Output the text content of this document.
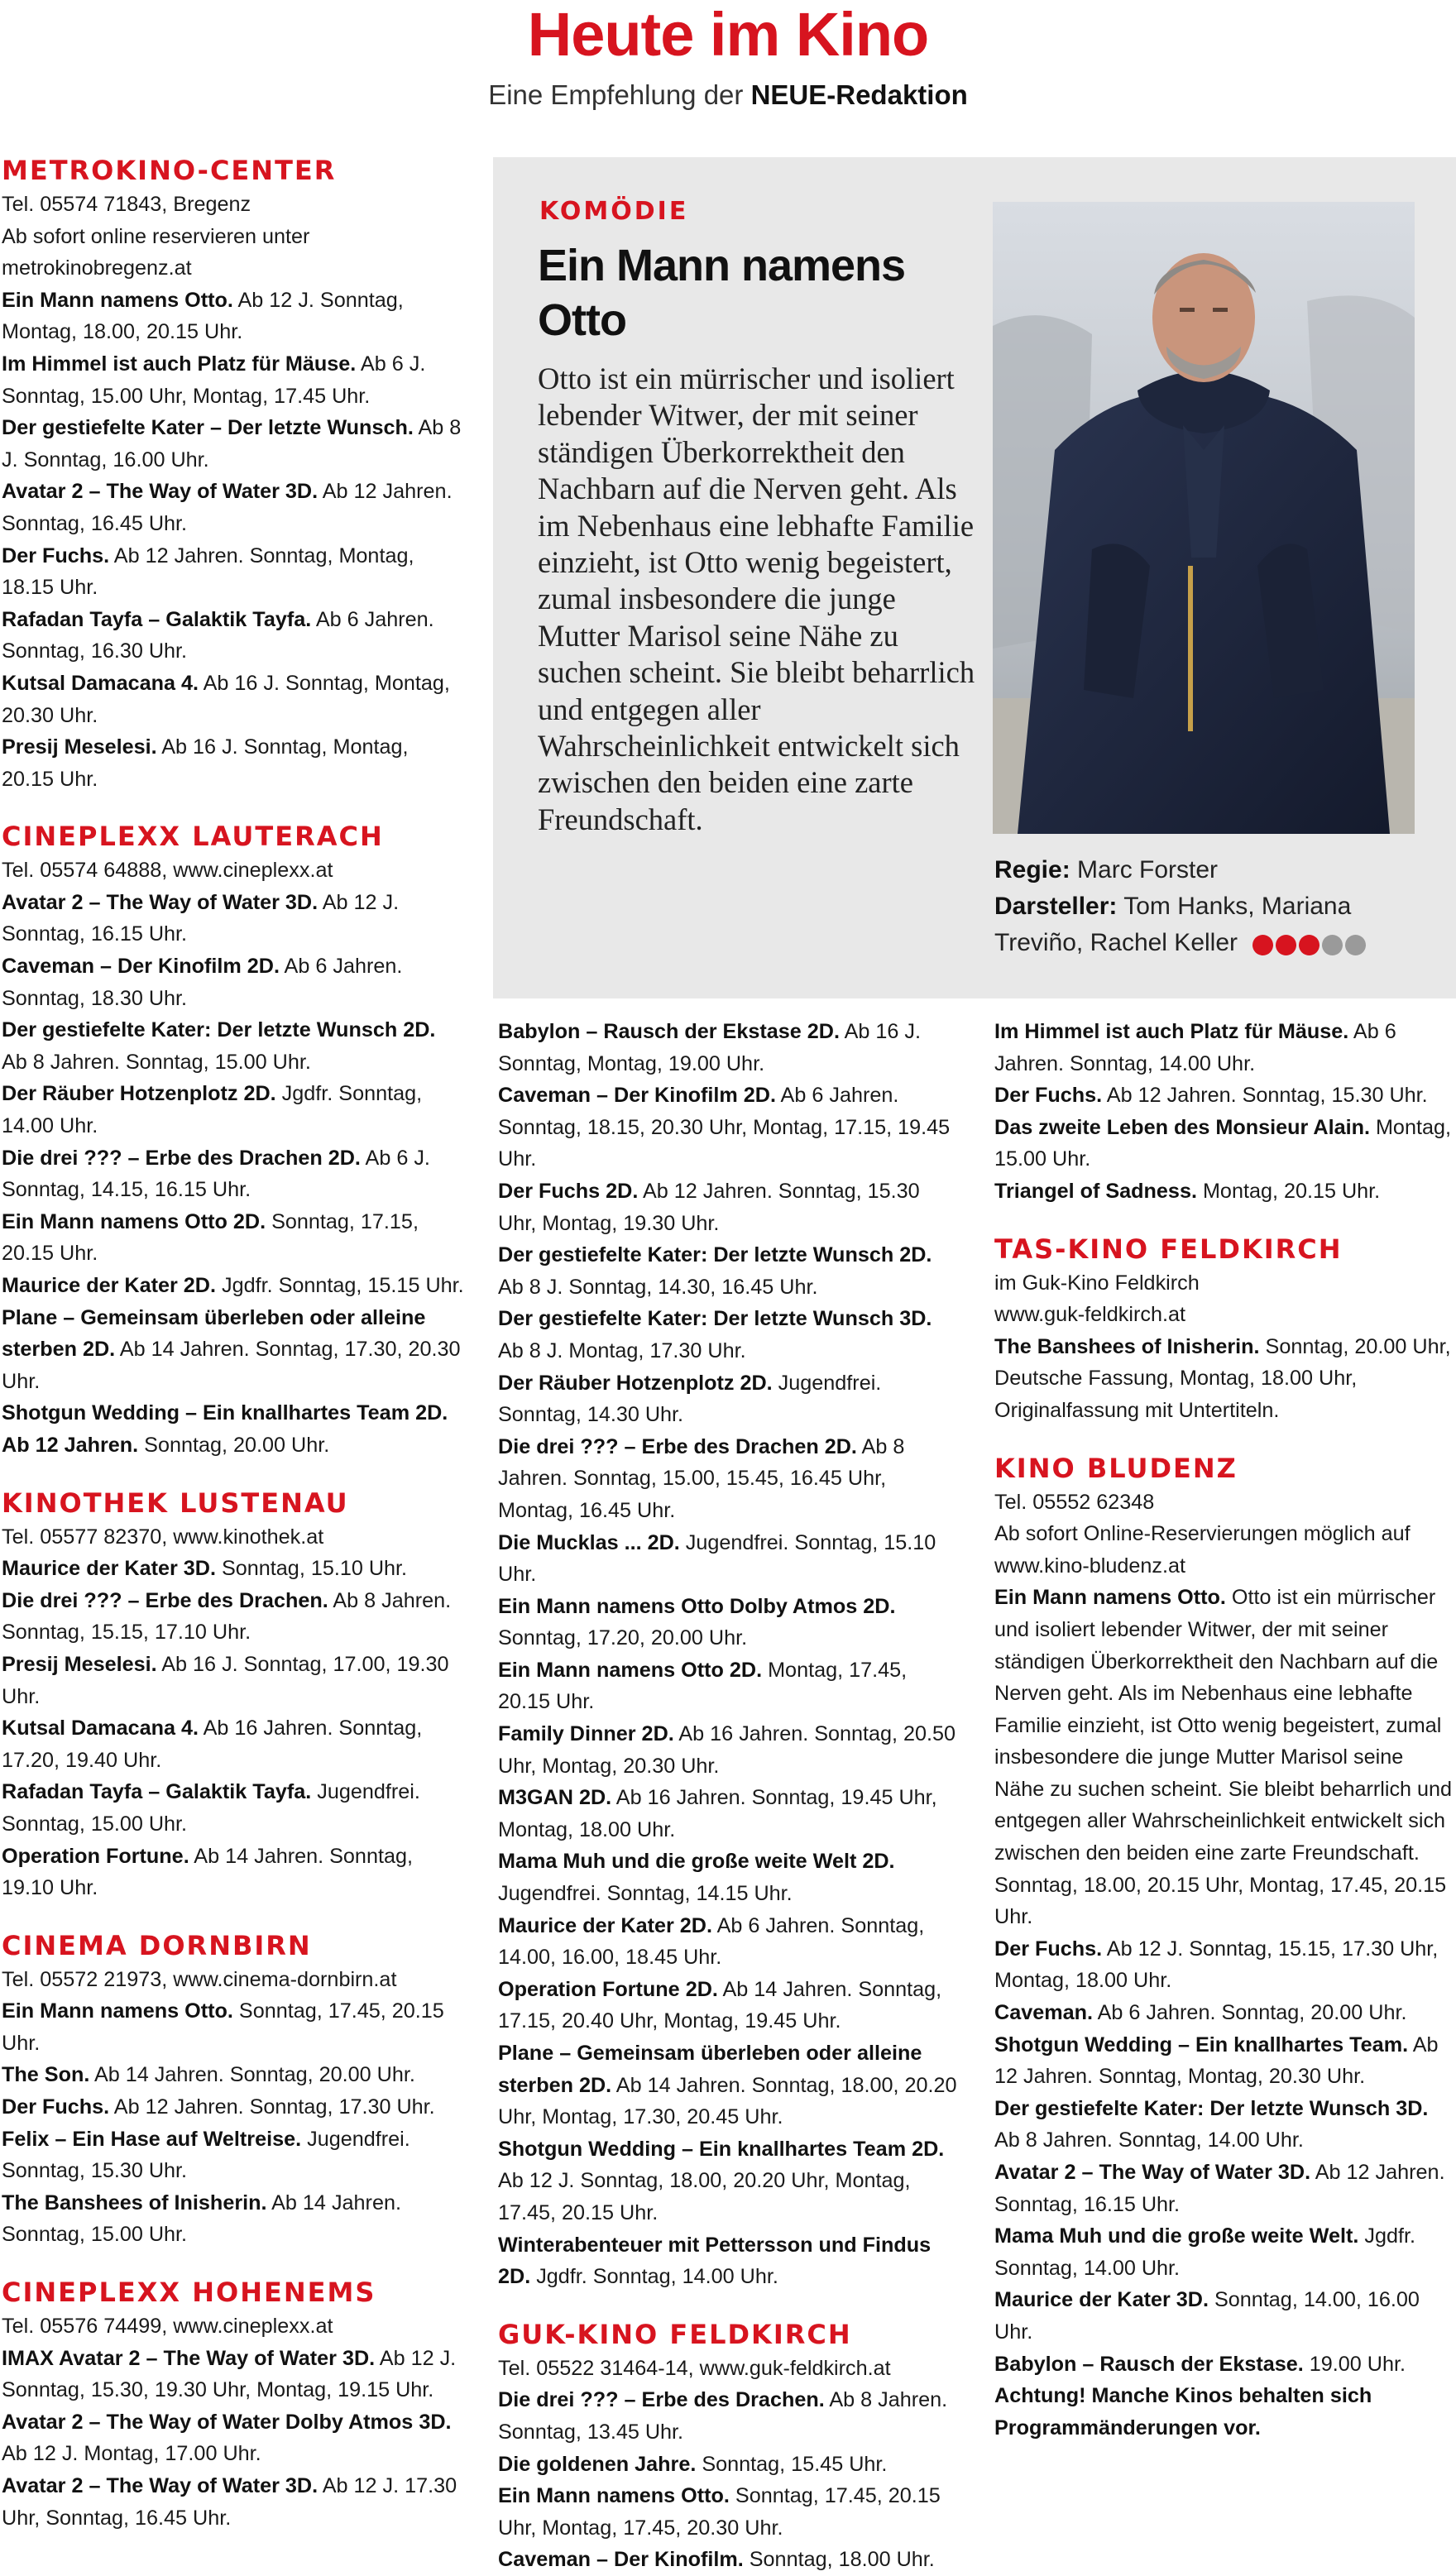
Heute im Kino
Eine Empfehlung der NEUE-Redaktion
KOMÖDIE
Ein Mann namens Otto
Otto ist ein mürrischer und isoliert lebender Witwer, der mit seiner ständigen Überkorrektheit den Nachbarn auf die Nerven geht. Als im Nebenhaus eine lebhafte Familie einzieht, ist Otto wenig begeistert, zumal insbesondere die junge Mutter Marisol seine Nähe zu suchen scheint. Sie bleibt beharrlich und entgegen aller Wahrscheinlichkeit entwickelt sich zwischen den beiden eine zarte Freundschaft.
Regie: Marc Forster
Darsteller: Tom Hanks, Mariana Treviño, Rachel Keller
METROKINO-CENTER

Tel. 05574 71843, Bregenz

Ab sofort online reservieren unter metrokinobregenz.at

Ein Mann namens Otto. Ab 12 J. Sonntag, Montag, 18.00, 20.15 Uhr.

Im Himmel ist auch Platz für Mäuse. Ab 6 J. Sonntag, 15.00 Uhr, Montag, 17.45 Uhr.

Der gestiefelte Kater – Der letzte Wunsch. Ab 8 J. Sonntag, 16.00 Uhr.

Avatar 2 – The Way of Water 3D. Ab 12 Jahren. Sonntag, 16.45 Uhr.

Der Fuchs. Ab 12 Jahren. Sonntag, Montag, 18.15 Uhr.

Rafadan Tayfa – Galaktik Tayfa. Ab 6 Jahren. Sonntag, 16.30 Uhr.

Kutsal Damacana 4. Ab 16 J. Sonntag, Montag, 20.30 Uhr.

Presij Meselesi. Ab 16 J. Sonntag, Montag, 20.15 Uhr.

CINEPLEXX LAUTERACH

Tel. 05574 64888, www.cineplexx.at

Avatar 2 – The Way of Water 3D. Ab 12 J. Sonntag, 16.15 Uhr.

Caveman – Der Kinofilm 2D. Ab 6 Jahren. Sonntag, 18.30 Uhr.

Der gestiefelte Kater: Der letzte Wunsch 2D. Ab 8 Jahren. Sonntag, 15.00 Uhr.

Der Räuber Hotzenplotz 2D. Jgdfr. Sonntag, 14.00 Uhr.

Die drei ??? – Erbe des Drachen 2D. Ab 6 J. Sonntag, 14.15, 16.15 Uhr.

Ein Mann namens Otto 2D. Sonntag, 17.15, 20.15 Uhr.

Maurice der Kater 2D. Jgdfr. Sonntag, 15.15 Uhr.

Plane – Gemeinsam überleben oder alleine sterben 2D. Ab 14 Jahren. Sonntag, 17.30, 20.30 Uhr.

Shotgun Wedding – Ein knallhartes Team 2D. Ab 12 Jahren. Sonntag, 20.00 Uhr.

KINOTHEK LUSTENAU

Tel. 05577 82370, www.kinothek.at

Maurice der Kater 3D. Sonntag, 15.10 Uhr.

Die drei ??? – Erbe des Drachen. Ab 8 Jahren. Sonntag, 15.15, 17.10 Uhr.

Presij Meselesi. Ab 16 J. Sonntag, 17.00, 19.30 Uhr.

Kutsal Damacana 4. Ab 16 Jahren. Sonntag, 17.20, 19.40 Uhr.

Rafadan Tayfa – Galaktik Tayfa. Jugendfrei. Sonntag, 15.00 Uhr.

Operation Fortune. Ab 14 Jahren. Sonntag, 19.10 Uhr.

CINEMA DORNBIRN

Tel. 05572 21973, www.cinema-dornbirn.at

Ein Mann namens Otto. Sonntag, 17.45, 20.15 Uhr.

The Son. Ab 14 Jahren. Sonntag, 20.00 Uhr.

Der Fuchs. Ab 12 Jahren. Sonntag, 17.30 Uhr.

Felix – Ein Hase auf Weltreise. Jugendfrei. Sonntag, 15.30 Uhr.

The Banshees of Inisherin. Ab 14 Jahren. Sonntag, 15.00 Uhr.

CINEPLEXX HOHENEMS

Tel. 05576 74499, www.cineplexx.at

IMAX Avatar 2 – The Way of Water 3D. Ab 12 J. Sonntag, 15.30, 19.30 Uhr, Montag, 19.15 Uhr.

Avatar 2 – The Way of Water Dolby Atmos 3D. Ab 12 J. Montag, 17.00 Uhr.

Avatar 2 – The Way of Water 3D. Ab 12 J. 17.30 Uhr, Sonntag, 16.45 Uhr.

Babylon – Rausch der Ekstase 2D. Ab 16 J. Sonntag, Montag, 19.00 Uhr.

Caveman – Der Kinofilm 2D. Ab 6 Jahren. Sonntag, 18.15, 20.30 Uhr, Montag, 17.15, 19.45 Uhr.

Der Fuchs 2D. Ab 12 Jahren. Sonntag, 15.30 Uhr, Montag, 19.30 Uhr.

Der gestiefelte Kater: Der letzte Wunsch 2D. Ab 8 J. Sonntag, 14.30, 16.45 Uhr.

Der gestiefelte Kater: Der letzte Wunsch 3D. Ab 8 J. Montag, 17.30 Uhr.

Der Räuber Hotzenplotz 2D. Jugendfrei. Sonntag, 14.30 Uhr.

Die drei ??? – Erbe des Drachen 2D. Ab 8 Jahren. Sonntag, 15.00, 15.45, 16.45 Uhr, Montag, 16.45 Uhr.

Die Mucklas ... 2D. Jugendfrei. Sonntag, 15.10 Uhr.

Ein Mann namens Otto Dolby Atmos 2D. Sonntag, 17.20, 20.00 Uhr.

Ein Mann namens Otto 2D. Montag, 17.45, 20.15 Uhr.

Family Dinner 2D. Ab 16 Jahren. Sonntag, 20.50 Uhr, Montag, 20.30 Uhr.

M3GAN 2D. Ab 16 Jahren. Sonntag, 19.45 Uhr, Montag, 18.00 Uhr.

Mama Muh und die große weite Welt 2D. Jugendfrei. Sonntag, 14.15 Uhr.

Maurice der Kater 2D. Ab 6 Jahren. Sonntag, 14.00, 16.00, 18.45 Uhr.

Operation Fortune 2D. Ab 14 Jahren. Sonntag, 17.15, 20.40 Uhr, Montag, 19.45 Uhr.

Plane – Gemeinsam überleben oder alleine sterben 2D. Ab 14 Jahren. Sonntag, 18.00, 20.20 Uhr, Montag, 17.30, 20.45 Uhr.

Shotgun Wedding – Ein knallhartes Team 2D. Ab 12 J. Sonntag, 18.00, 20.20 Uhr, Montag, 17.45, 20.15 Uhr.

Winterabenteuer mit Pettersson und Findus 2D. Jgdfr. Sonntag, 14.00 Uhr.

GUK-KINO FELDKIRCH

Tel. 05522 31464-14, www.guk-feldkirch.at

Die drei ??? – Erbe des Drachen. Ab 8 Jahren. Sonntag, 13.45 Uhr.

Die goldenen Jahre. Sonntag, 15.45 Uhr.

Ein Mann namens Otto. Sonntag, 17.45, 20.15 Uhr, Montag, 17.45, 20.30 Uhr.

Caveman – Der Kinofilm. Sonntag, 18.00 Uhr.

Im Himmel ist auch Platz für Mäuse. Ab 6 Jahren. Sonntag, 14.00 Uhr.

Der Fuchs. Ab 12 Jahren. Sonntag, 15.30 Uhr.

Das zweite Leben des Monsieur Alain. Montag, 15.00 Uhr.

Triangel of Sadness. Montag, 20.15 Uhr.

TAS-KINO FELDKIRCH

im Guk-Kino Feldkirch

www.guk-feldkirch.at

The Banshees of Inisherin. Sonntag, 20.00 Uhr, Deutsche Fassung, Montag, 18.00 Uhr, Originalfassung mit Untertiteln.

KINO BLUDENZ

Tel. 05552 62348

Ab sofort Online-Reservierungen möglich auf www.kino-bludenz.at

Ein Mann namens Otto. Otto ist ein mürrischer und isoliert lebender Witwer, der mit seiner ständigen Überkorrektheit den Nachbarn auf die Nerven geht. Als im Nebenhaus eine lebhafte Familie einzieht, ist Otto wenig begeistert, zumal insbesondere die junge Mutter Marisol seine Nähe zu suchen scheint. Sie bleibt beharrlich und entgegen aller Wahrscheinlichkeit entwickelt sich zwischen den beiden eine zarte Freundschaft. Sonntag, 18.00, 20.15 Uhr, Montag, 17.45, 20.15 Uhr.

Der Fuchs. Ab 12 J. Sonntag, 15.15, 17.30 Uhr, Montag, 18.00 Uhr.

Caveman. Ab 6 Jahren. Sonntag, 20.00 Uhr.

Shotgun Wedding – Ein knallhartes Team. Ab 12 Jahren. Sonntag, Montag, 20.30 Uhr.

Der gestiefelte Kater: Der letzte Wunsch 3D. Ab 8 Jahren. Sonntag, 14.00 Uhr.

Avatar 2 – The Way of Water 3D. Ab 12 Jahren. Sonntag, 16.15 Uhr.

Mama Muh und die große weite Welt. Jgdfr. Sonntag, 14.00 Uhr.

Maurice der Kater 3D. Sonntag, 14.00, 16.00 Uhr.

Babylon – Rausch der Ekstase. 19.00 Uhr.

Achtung! Manche Kinos behalten sich Programmänderungen vor.
